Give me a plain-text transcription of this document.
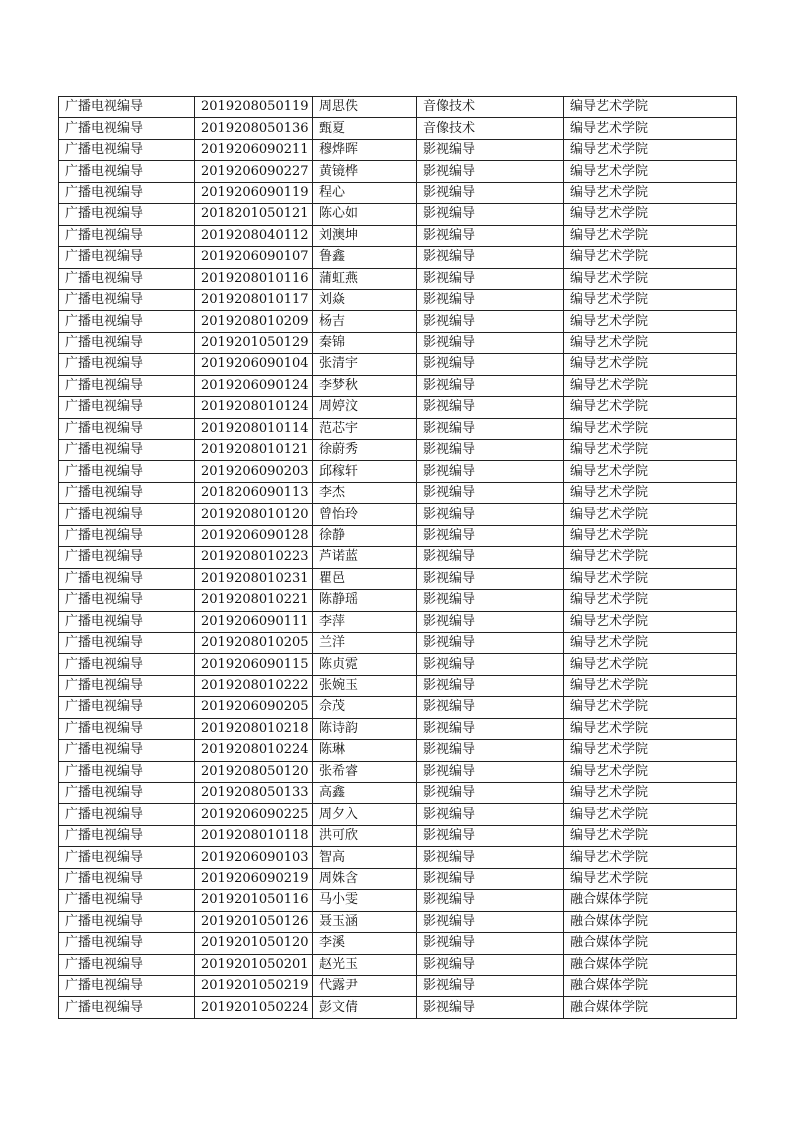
广播电视编导	2019208050119	周思佚	音像技术	编导艺术学院
广播电视编导	2019208050136	甄夏	音像技术	编导艺术学院
广播电视编导	2019206090211	穆烨晖	影视编导	编导艺术学院
广播电视编导	2019206090227	黄镜桦	影视编导	编导艺术学院
广播电视编导	2019206090119	程心	影视编导	编导艺术学院
广播电视编导	2018201050121	陈心如	影视编导	编导艺术学院
广播电视编导	2019208040112	刘澳坤	影视编导	编导艺术学院
广播电视编导	2019206090107	鲁鑫	影视编导	编导艺术学院
广播电视编导	2019208010116	蒲虹燕	影视编导	编导艺术学院
广播电视编导	2019208010117	刘焱	影视编导	编导艺术学院
广播电视编导	2019208010209	杨吉	影视编导	编导艺术学院
广播电视编导	2019201050129	秦锦	影视编导	编导艺术学院
广播电视编导	2019206090104	张清宇	影视编导	编导艺术学院
广播电视编导	2019206090124	李梦秋	影视编导	编导艺术学院
广播电视编导	2019208010124	周婷汶	影视编导	编导艺术学院
广播电视编导	2019208010114	范芯宇	影视编导	编导艺术学院
广播电视编导	2019208010121	徐蔚秀	影视编导	编导艺术学院
广播电视编导	2019206090203	邱稼轩	影视编导	编导艺术学院
广播电视编导	2018206090113	李杰	影视编导	编导艺术学院
广播电视编导	2019208010120	曾怡玲	影视编导	编导艺术学院
广播电视编导	2019206090128	徐静	影视编导	编导艺术学院
广播电视编导	2019208010223	芦诺蓝	影视编导	编导艺术学院
广播电视编导	2019208010231	瞿邑	影视编导	编导艺术学院
广播电视编导	2019208010221	陈静瑶	影视编导	编导艺术学院
广播电视编导	2019206090111	李萍	影视编导	编导艺术学院
广播电视编导	2019208010205	兰洋	影视编导	编导艺术学院
广播电视编导	2019206090115	陈贞霓	影视编导	编导艺术学院
广播电视编导	2019208010222	张婉玉	影视编导	编导艺术学院
广播电视编导	2019206090205	佘茂	影视编导	编导艺术学院
广播电视编导	2019208010218	陈诗韵	影视编导	编导艺术学院
广播电视编导	2019208010224	陈琳	影视编导	编导艺术学院
广播电视编导	2019208050120	张希睿	影视编导	编导艺术学院
广播电视编导	2019208050133	高鑫	影视编导	编导艺术学院
广播电视编导	2019206090225	周夕入	影视编导	编导艺术学院
广播电视编导	2019208010118	洪可欣	影视编导	编导艺术学院
广播电视编导	2019206090103	智高	影视编导	编导艺术学院
广播电视编导	2019206090219	周姝含	影视编导	编导艺术学院
广播电视编导	2019201050116	马小雯	影视编导	融合媒体学院
广播电视编导	2019201050126	聂玉涵	影视编导	融合媒体学院
广播电视编导	2019201050120	李溪	影视编导	融合媒体学院
广播电视编导	2019201050201	赵光玉	影视编导	融合媒体学院
广播电视编导	2019201050219	代露尹	影视编导	融合媒体学院
广播电视编导	2019201050224	彭文倩	影视编导	融合媒体学院
